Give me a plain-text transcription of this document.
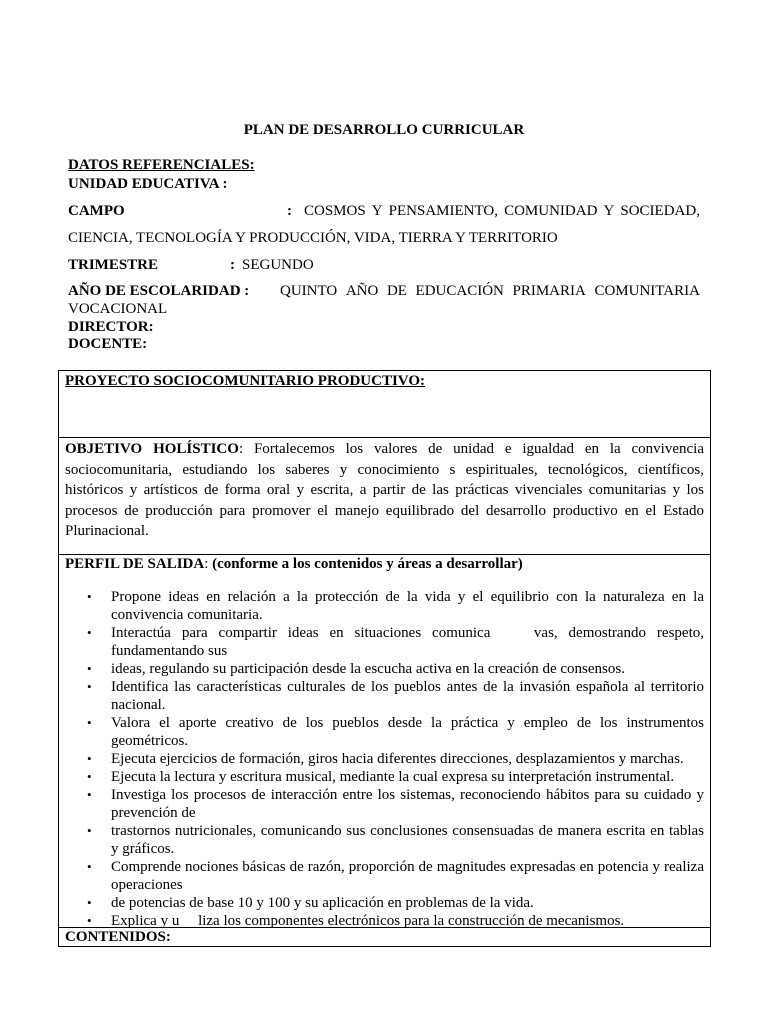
PLAN DE DESARROLLO CURRICULAR
DATOS REFERENCIALES:
UNIDAD EDUCATIVA :
CAMPO	: COSMOS Y PENSAMIENTO, COMUNIDAD Y SOCIEDAD,
CIENCIA, TECNOLOGÍA Y PRODUCCIÓN, VIDA, TIERRA Y TERRITORIO
TRIMESTRE	: SEGUNDO
AÑO DE ESCOLARIDAD : QUINTO AÑO DE EDUCACIÓN PRIMARIA COMUNITARIA
VOCACIONAL
DIRECTOR:
DOCENTE:
PROYECTO SOCIOCOMUNITARIO PRODUCTIVO:
OBJETIVO HOLÍSTICO: Fortalecemos los valores de unidad e igualdad en la convivencia sociocomunitaria, estudiando los saberes y conocimiento s espirituales, tecnológicos, científicos, históricos y artísticos de forma oral y escrita, a partir de las prácticas vivenciales comunitarias y los procesos de producción para promover el manejo equilibrado del desarrollo productivo en el Estado Plurinacional.
PERFIL DE SALIDA: (conforme a los contenidos y áreas a desarrollar)
• Propone ideas en relación a la protección de la vida y el equilibrio con la naturaleza en la convivencia comunitaria.
• Interactúa para compartir ideas en situaciones comunica    vas, demostrando respeto, fundamentando sus
• ideas, regulando su participación desde la escucha activa en la creación de consensos.
• Identifica las características culturales de los pueblos antes de la invasión española al territorio nacional.
• Valora el aporte creativo de los pueblos desde la práctica y empleo de los instrumentos geométricos.
• Ejecuta ejercicios de formación, giros hacia diferentes direcciones, desplazamientos y marchas.
• Ejecuta la lectura y escritura musical, mediante la cual expresa su interpretación instrumental.
• Investiga los procesos de interacción entre los sistemas, reconociendo hábitos para su cuidado y prevención de
• trastornos nutricionales, comunicando sus conclusiones consensuadas de manera escrita en tablas y gráficos.
• Comprende nociones básicas de razón, proporción de magnitudes expresadas en potencia y realiza operaciones
• de potencias de base 10 y 100 y su aplicación en problemas de la vida.
• Explica y u     liza los componentes electrónicos para la construcción de mecanismos.
CONTENIDOS:
